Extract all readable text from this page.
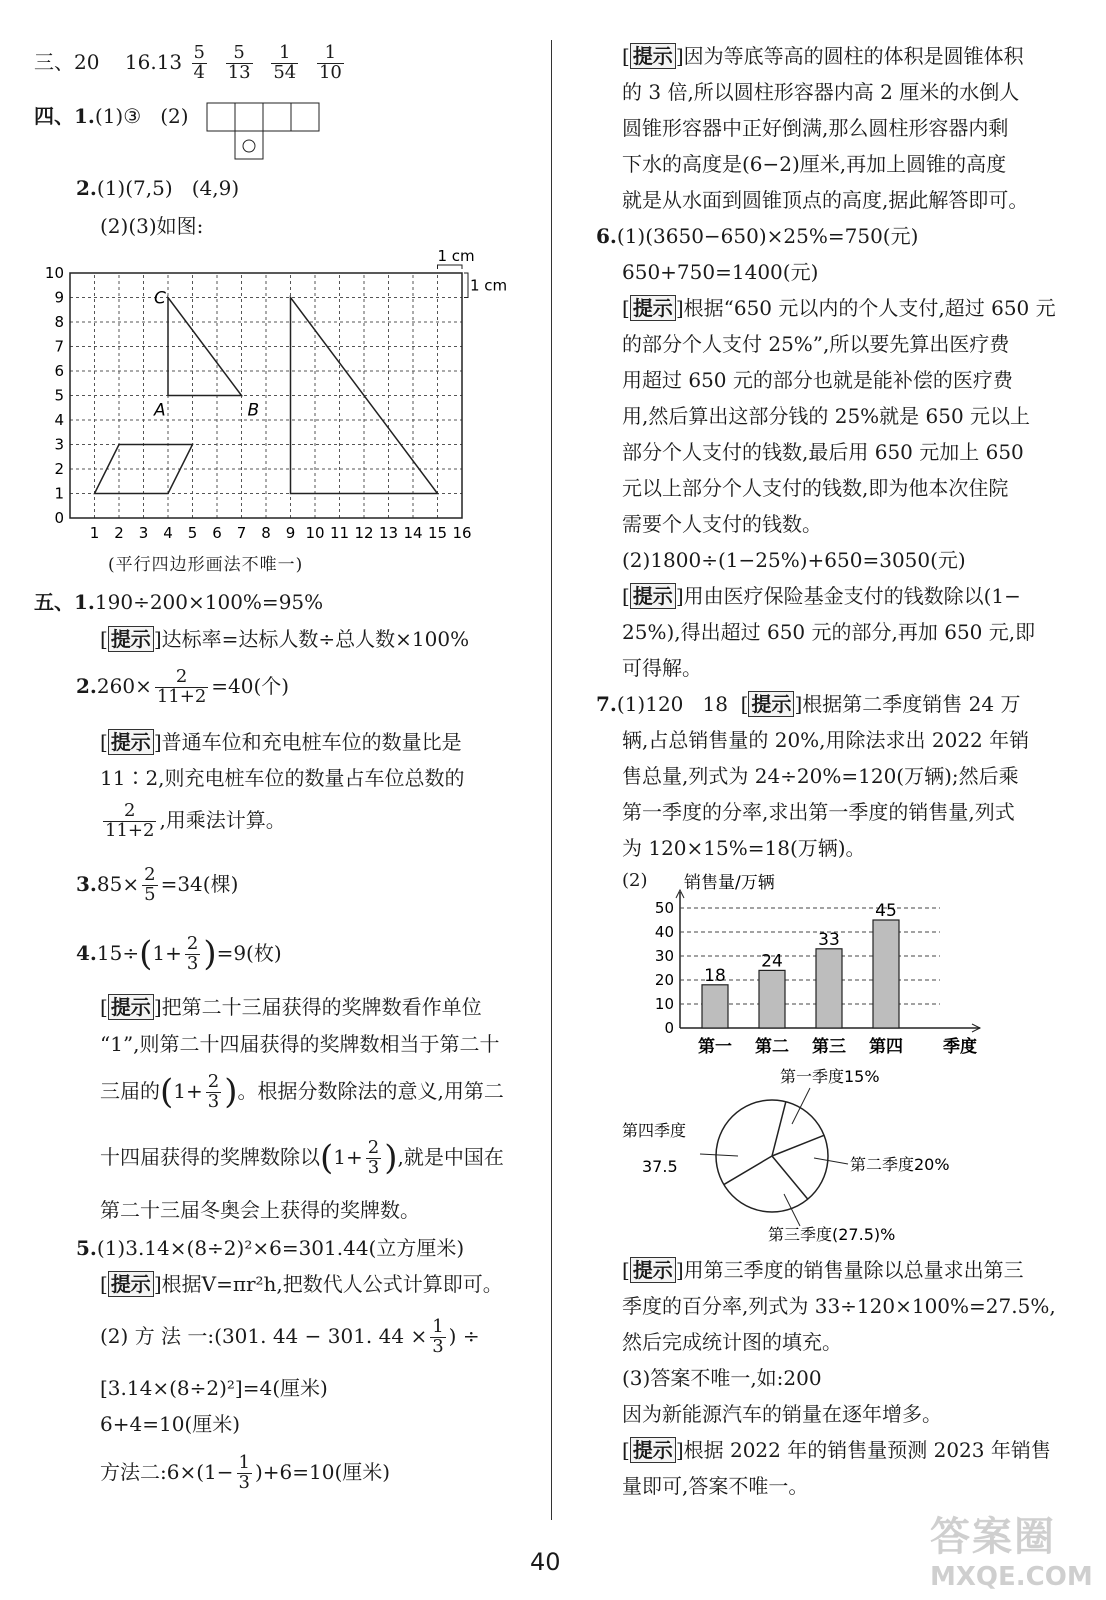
三、20 $16.13 \frac{5}{4}$
$\frac{5}{13}$
$\frac{1}{54}$
$\frac{1}{10}$
四、1.(1)③ (2)
2.(1)(7,5) (4,9)
(2)(3)如图:
1 2 3 4 5 6 7 8 9 10 11 12 13 14 15 16
0
1
2
3
4
5
6
7
8
9
10
C
A	B
1 cm
1 cm
(平行四边形画法不唯一)
五、1.190÷200×100%=95%
[ 提示 ]达标率=达标人数÷总人数×100%
$2.260\times \frac{2}{11+2} =40$(个)
[ 提示 ]普通车位和充电桩车位的数量比是
11∶2,则充电桩车位的数量占车位总数的
$\frac{2}{11+2}$ ,用乘法计算。
$3.85\times \frac{2}{5} =34$(棵)
$4.15\div(1+ \frac{2}{3} )=9$(枚)
[ 提示 ]把第二十三届获得的奖牌数看作单位
“1”,则第二十四届获得的奖牌数相当于第二十
三届的($1+ \frac{2}{3}$ )。根据分数除法的意义,用第二
十四届获得的奖牌数除以($1+ \frac{2}{3}$ ),就是中国在
第二十三届冬奥会上获得的奖牌数。
5.(1)3.14×(8÷2)²×6=301.44(立方厘米)
[ 提示 ]根据V=πr²h,把数代人公式计算即可。
(2) 方 法 一:(301. 44 − 301. $44 \times \frac{1}{3}$ ) ÷
[3.14×(8÷2)²]=4(厘米)
6+4=10(厘米)
方法二:6×(1− $\frac{1}{3} )+6=10$(厘米)
[ 提示 ]因为等底等高的圆柱的体积是圆锥体积
的 3 倍,所以圆柱形容器内高 2 厘米的水倒人
圆锥形容器中正好倒满,那么圆柱形容器内剩
下水的高度是(6−2)厘米,再加上圆锥的高度
就是从水面到圆锥顶点的高度,据此解答即可。
6.(1)(3650−650)×25%=750(元)
650+750=1400(元)
[ 提示 ]根据“650 元以内的个人支付,超过 650 元
的部分个人支付 25%”,所以要先算出医疗费
用超过 650 元的部分也就是能补偿的医疗费
用,然后算出这部分钱的 25%就是 650 元以上
部分个人支付的钱数,最后用 650 元加上 650
元以上部分个人支付的钱数,即为他本次住院
需要个人支付的钱数。
(2)1800÷(1−25%)+650=3050(元)
[ 提示 ]用由医疗保险基金支付的钱数除以(1−
25%),得出超过 650 元的部分,再加 650 元,即
可得解。
7.(1)120 18  [ 提示 ]根据第二季度销售 24 万
辆,占总销售量的 20%,用除法求出 2022 年销
售总量,列式为 24÷20%=120(万辆);然后乘
第一季度的分率,求出第一季度的销售量,列式
为 120×15%=18(万辆)。
(2) 销售量/万辆
0
10
20
30
40
50
18
第一
24
第二
33
第三
45
第四 季度
第一季度15%
第二季度20%
第三季度(27.5)%
第四季度
37.5
[ 提示 ]用第三季度的销售量除以总量求出第三
季度的百分率,列式为 33÷120×100%=27.5%,
然后完成统计图的填充。
(3)答案不唯一,如:200
因为新能源汽车的销量在逐年增多。
[ 提示 ]根据 2022 年的销售量预测 2023 年销售
量即可,答案不唯一。
40
答案圈
MXQE.COM
